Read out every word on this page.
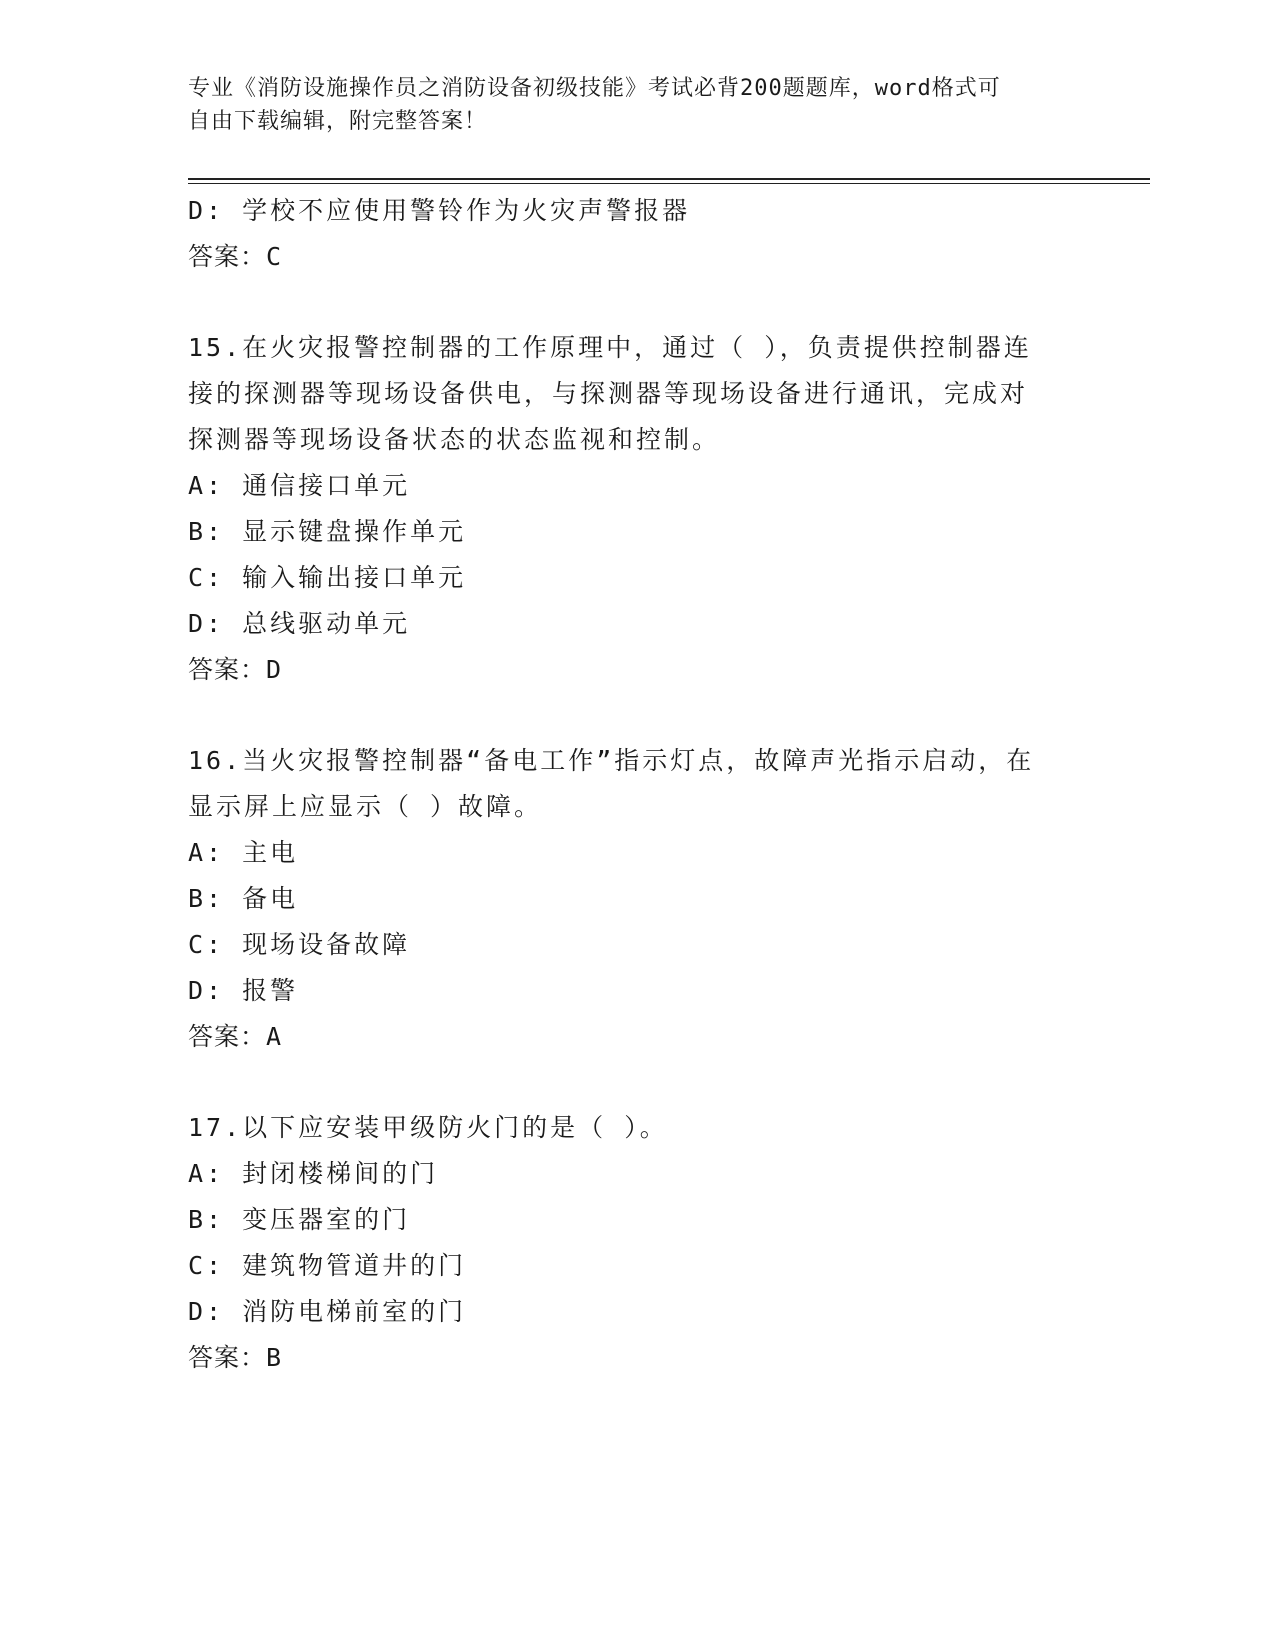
专业《消防设施操作员之消防设备初级技能》考试必背200题题库，word格式可
自由下载编辑，附完整答案！
D: 学校不应使用警铃作为火灾声警报器
答案：C
15.在火灾报警控制器的工作原理中，通过（ ），负责提供控制器连
接的探测器等现场设备供电，与探测器等现场设备进行通讯，完成对
探测器等现场设备状态的状态监视和控制。
A: 通信接口单元
B: 显示键盘操作单元
C: 输入输出接口单元
D: 总线驱动单元
答案：D
16.当火灾报警控制器“备电工作”指示灯点，故障声光指示启动，在
显示屏上应显示（ ）故障。
A: 主电
B: 备电
C: 现场设备故障
D: 报警
答案：A
17.以下应安装甲级防火门的是（ ）。
A: 封闭楼梯间的门
B: 变压器室的门
C: 建筑物管道井的门
D: 消防电梯前室的门
答案：B
